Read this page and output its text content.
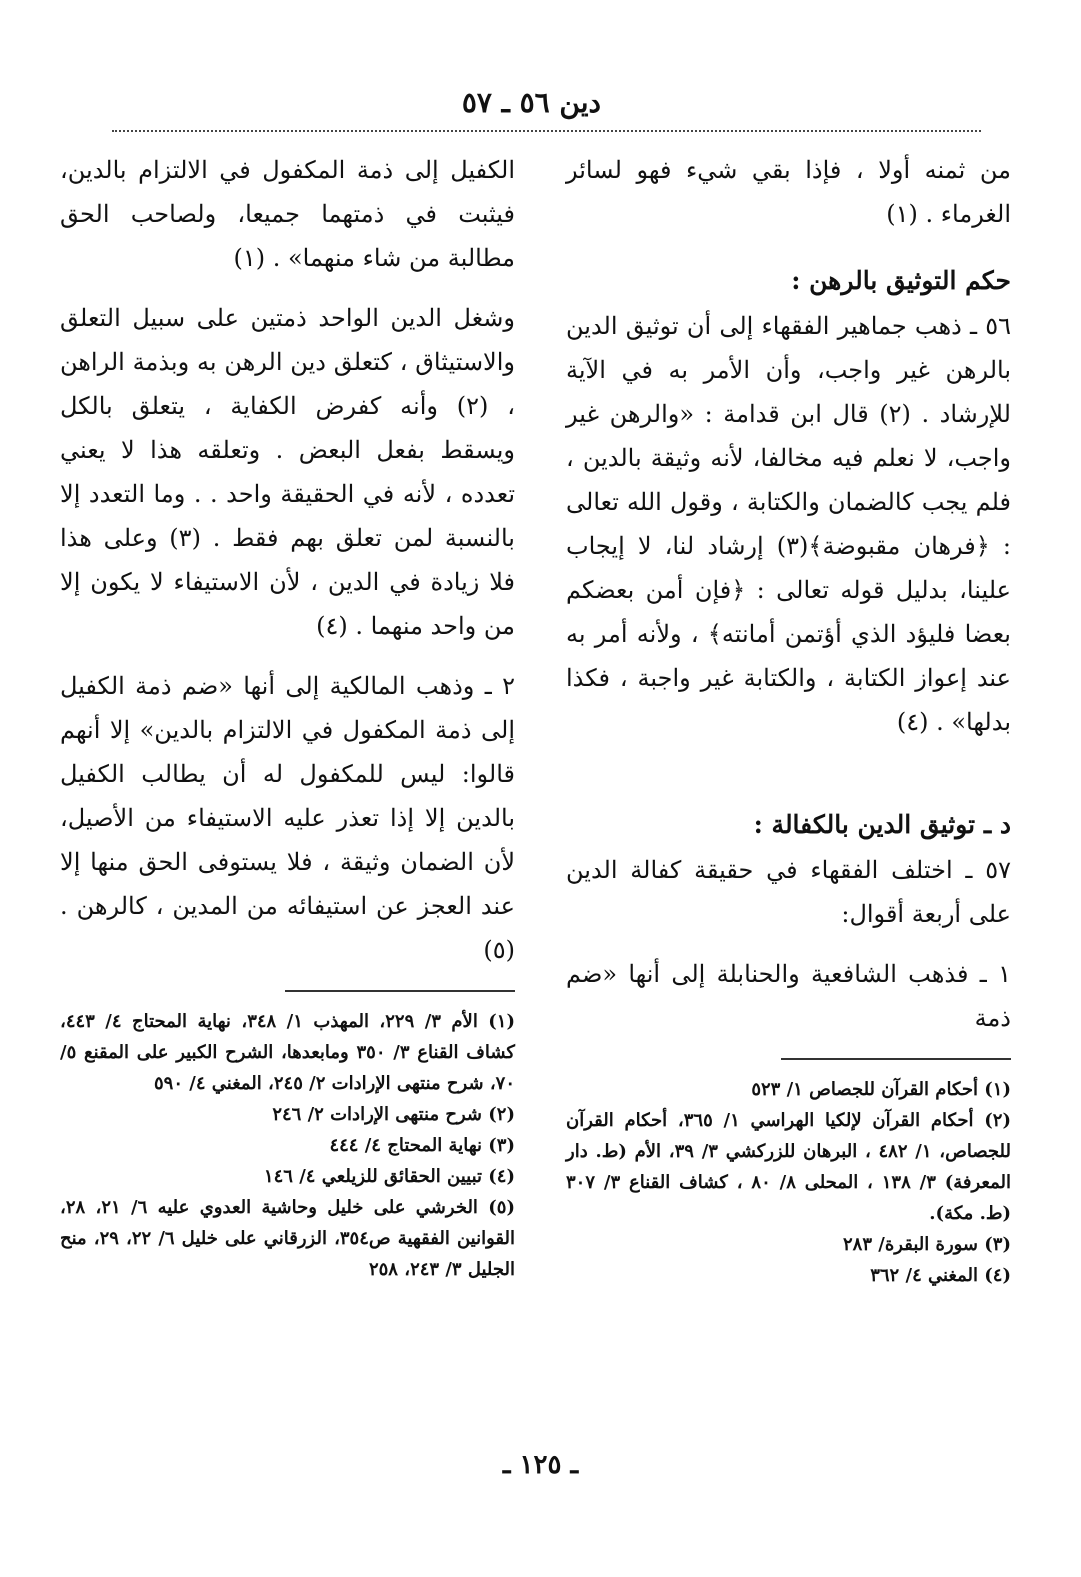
دين ٥٦ ـ ٥٧

من ثمنه أولا ، فإذا بقي شيء فهو لسائر الغرماء . (١)

حكم التوثيق بالرهن :

٥٦ ـ ذهب جماهير الفقهاء إلى أن توثيق الدين بالرهن غير واجب، وأن الأمر به في الآية للإرشاد . (٢) قال ابن قدامة : «والرهن غير واجب، لا نعلم فيه مخالفا، لأنه وثيقة بالدين ، فلم يجب كالضمان والكتابة ، وقول الله تعالى : ﴿فرهان مقبوضة﴾(٣) إرشاد لنا، لا إيجاب علينا، بدليل قوله تعالى : ﴿فإن أمن بعضكم بعضا فليؤد الذي أؤتمن أمانته﴾ ، ولأنه أمر به عند إعواز الكتابة ، والكتابة غير واجبة ، فكذا بدلها» . (٤)

د ـ توثيق الدين بالكفالة :

٥٧ ـ اختلف الفقهاء في حقيقة كفالة الدين على أربعة أقوال:

١ ـ فذهب الشافعية والحنابلة إلى أنها «ضم ذمة

(١) أحكام القرآن للجصاص ١/ ٥٢٣

(٢) أحكام القرآن لإلكيا الهراسي ١/ ٣٦٥، أحكام القرآن للجصاص، ١/ ٤٨٢ ، البرهان للزركشي ٣/ ٣٩، الأم (ط. دار المعرفة) ٣/ ١٣٨ ، المحلى ٨/ ٨٠ ، كشاف القناع ٣/ ٣٠٧ (ط. مكة).

(٣) سورة البقرة/ ٢٨٣

(٤) المغني ٤/ ٣٦٢

الكفيل إلى ذمة المكفول في الالتزام بالدين، فيثبت في ذمتهما جميعا، ولصاحب الحق مطالبة من شاء منهما» . (١)

وشغل الدين الواحد ذمتين على سبيل التعلق والاستيثاق ، كتعلق دين الرهن به وبذمة الراهن ، (٢) وأنه كفرض الكفاية ، يتعلق بالكل ويسقط بفعل البعض . وتعلقه هذا لا يعني تعدده ، لأنه في الحقيقة واحد . . وما التعدد إلا بالنسبة لمن تعلق بهم فقط . (٣) وعلى هذا فلا زيادة في الدين ، لأن الاستيفاء لا يكون إلا من واحد منهما . (٤)

٢ ـ وذهب المالكية إلى أنها «ضم ذمة الكفيل إلى ذمة المكفول في الالتزام بالدين» إلا أنهم قالوا: ليس للمكفول له أن يطالب الكفيل بالدين إلا إذا تعذر عليه الاستيفاء من الأصيل، لأن الضمان وثيقة ، فلا يستوفى الحق منها إلا عند العجز عن استيفائه من المدين ، كالرهن . (٥)

(١) الأم ٣/ ٢٢٩، المهذب ١/ ٣٤٨، نهاية المحتاج ٤/ ٤٤٣، كشاف القناع ٣/ ٣٥٠ ومابعدها، الشرح الكبير على المقنع ٥/ ٧٠، شرح منتهى الإرادات ٢/ ٢٤٥، المغني ٤/ ٥٩٠

(٢) شرح منتهى الإرادات ٢/ ٢٤٦

(٣) نهاية المحتاج ٤/ ٤٤٤

(٤) تبيين الحقائق للزيلعي ٤/ ١٤٦

(٥) الخرشي على خليل وحاشية العدوي عليه ٦/ ٢١، ٢٨، القوانين الفقهية ص٣٥٤، الزرقاني على خليل ٦/ ٢٢، ٢٩، منح الجليل ٣/ ٢٤٣، ٢٥٨

ـ ١٢٥ ـ
